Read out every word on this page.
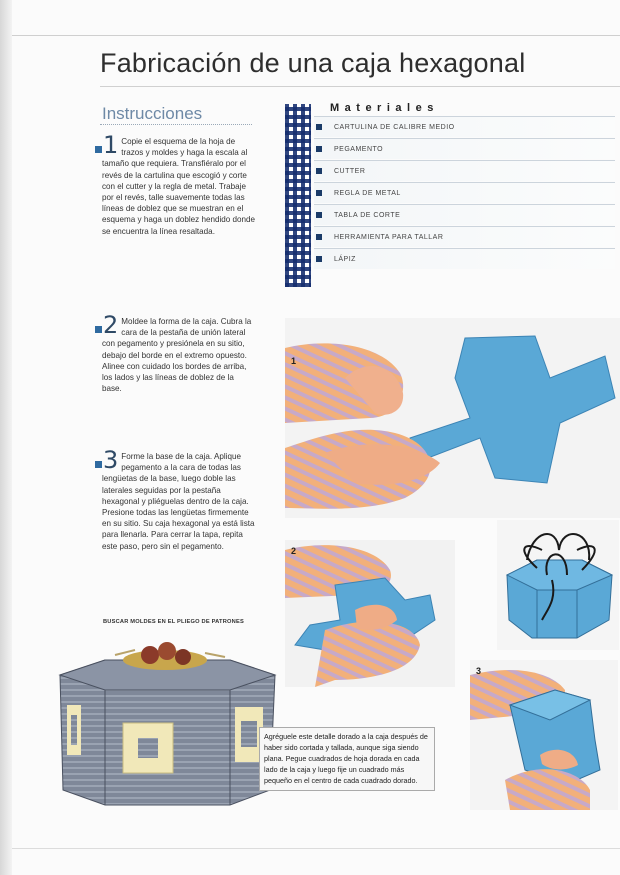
Fabricación de una caja hexagonal
Instrucciones
1 Copie el esquema de la hoja de trazos y moldes y haga la escala al tamaño que requiera. Transfiéralo por el revés de la cartulina que escogió y corte con el cutter y la regla de metal. Trabaje por el revés, talle suavemente todas las líneas de doblez que se muestran en el esquema y haga un doblez hendido donde se encuentra la línea resaltada.
2 Moldee la forma de la caja. Cubra la cara de la pestaña de unión lateral con pegamento y presiónela en su sitio, debajo del borde en el extremo opuesto. Alinee con cuidado los bordes de arriba, los lados y las líneas de doblez de la base.
3 Forme la base de la caja. Aplique pegamento a la cara de todas las lengüetas de la base, luego doble las laterales seguidas por la pestaña hexagonal y pliéguelas dentro de la caja. Presione todas las lengüetas firmemente en su sitio. Su caja hexagonal ya está lista para llenarla. Para cerrar la tapa, repita este paso, pero sin el pegamento.
BUSCAR MOLDES EN EL PLIEGO DE PATRONES
Materiales
CARTULINA DE CALIBRE MEDIO
PEGAMENTO
CUTTER
REGLA DE METAL
TABLA DE CORTE
HERRAMIENTA PARA TALLAR
LÁPIZ
1
2
3
Agréguele este detalle dorado a la caja después de haber sido cortada y tallada, aunque siga siendo plana. Pegue cuadrados de hoja dorada en cada lado de la caja y luego fije un cuadrado más pequeño en el centro de cada cuadrado dorado.
